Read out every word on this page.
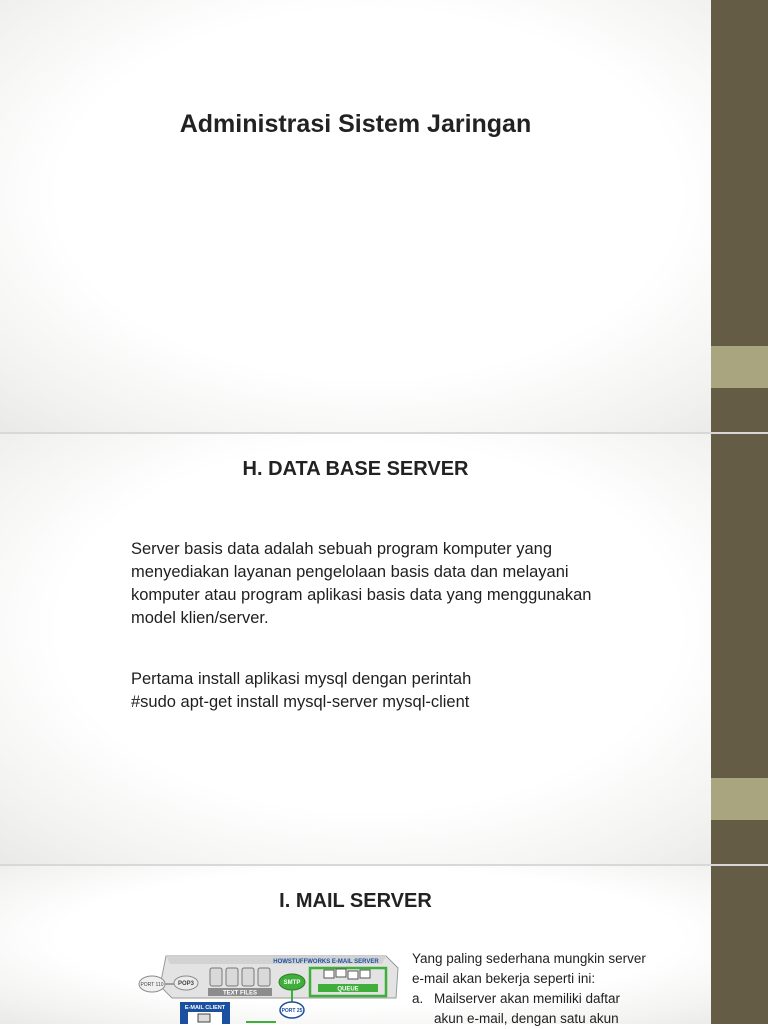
Administrasi Sistem Jaringan
H. DATA BASE SERVER

Server basis data adalah sebuah program komputer yang
menyediakan layanan pengelolaan basis data dan melayani
komputer atau program aplikasi basis data yang menggunakan
model klien/server.

Pertama install aplikasi mysql dengan perintah
#sudo apt-get install mysql-server mysql-client

I. MAIL SERVER
HOWSTUFFWORKS E-MAIL SERVER
PORT 110 POP3
TEXT FILES
SMTP
QUEUE
PORT 25
E-MAIL CLIENT
Yang paling sederhana mungkin server
e-mail akan bekerja seperti ini:
a. Mailserver akan memiliki daftar
akun e-mail, dengan satu akun
